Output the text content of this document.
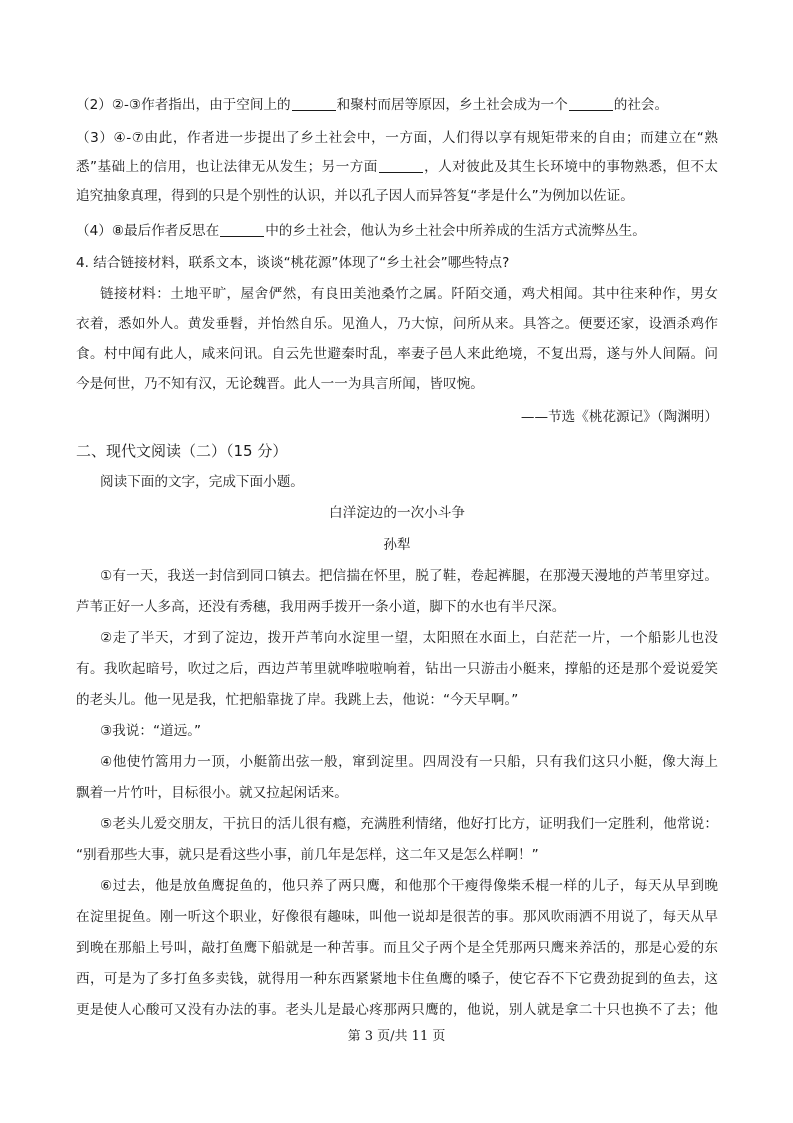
（2）②-③作者指出，由于空间上的	和聚村而居等原因，乡土社会成为一个	的社会。
（3）④-⑦由此，作者进一步提出了乡土社会中，一方面，人们得以享有规矩带来的自由；而建立在“熟
悉”基础上的信用，也让法律无从发生；另一方面	，人对彼此及其生长环境中的事物熟悉，但不太
追究抽象真理，得到的只是个别性的认识，并以孔子因人而异答复“孝是什么”为例加以佐证。
（4）⑧最后作者反思在	中的乡土社会，他认为乡土社会中所养成的生活方式流弊丛生。
4. 结合链接材料，联系文本，谈谈“桃花源”体现了“乡土社会”哪些特点?
链接材料：土地平旷，屋舍俨然，有良田美池桑竹之属。阡陌交通，鸡犬相闻。其中往来种作，男女
衣着，悉如外人。黄发垂髫，并怡然自乐。见渔人，乃大惊，问所从来。具答之。便要还家，设酒杀鸡作
食。村中闻有此人，咸来问讯。自云先世避秦时乱，率妻子邑人来此绝境，不复出焉，遂与外人间隔。问
今是何世，乃不知有汉，无论魏晋。此人一一为具言所闻，皆叹惋。
——节选《桃花源记》（陶渊明）
二、现代文阅读（二）（15 分）
阅读下面的文字，完成下面小题。
白洋淀边的一次小斗争
孙犁
①有一天，我送一封信到同口镇去。把信揣在怀里，脱了鞋，卷起裤腿，在那漫天漫地的芦苇里穿过。
芦苇正好一人多高，还没有秀穗，我用两手拨开一条小道，脚下的水也有半尺深。
②走了半天，才到了淀边，拨开芦苇向水淀里一望，太阳照在水面上，白茫茫一片，一个船影儿也没
有。我吹起暗号，吹过之后，西边芦苇里就哗啦啦响着，钻出一只游击小艇来，撑船的还是那个爱说爱笑
的老头儿。他一见是我，忙把船靠拢了岸。我跳上去，他说：“今天早啊。”
③我说：“道远。”
④他使竹篙用力一顶，小艇箭出弦一般，窜到淀里。四周没有一只船，只有我们这只小艇，像大海上
飘着一片竹叶，目标很小。就又拉起闲话来。
⑤老头儿爱交朋友，干抗日的活儿很有瘾，充满胜利情绪，他好打比方，证明我们一定胜利，他常说：
“别看那些大事，就只是看这些小事，前几年是怎样，这二年又是怎么样啊！”
⑥过去，他是放鱼鹰捉鱼的，他只养了两只鹰，和他那个干瘦得像柴禾棍一样的儿子，每天从早到晚
在淀里捉鱼。刚一听这个职业，好像很有趣味，叫他一说却是很苦的事。那风吹雨洒不用说了，每天从早
到晚在那船上号叫，敲打鱼鹰下船就是一种苦事。而且父子两个是全凭那两只鹰来养活的，那是心爱的东
西，可是为了多打鱼多卖钱，就得用一种东西紧紧地卡住鱼鹰的嗓子，使它吞不下它费劲捉到的鱼去，这
更是使人心酸可又没有办法的事。老头儿是最心疼那两只鹰的，他说，别人就是拿二十只也换不了去；他
第 3 页/共 11 页
